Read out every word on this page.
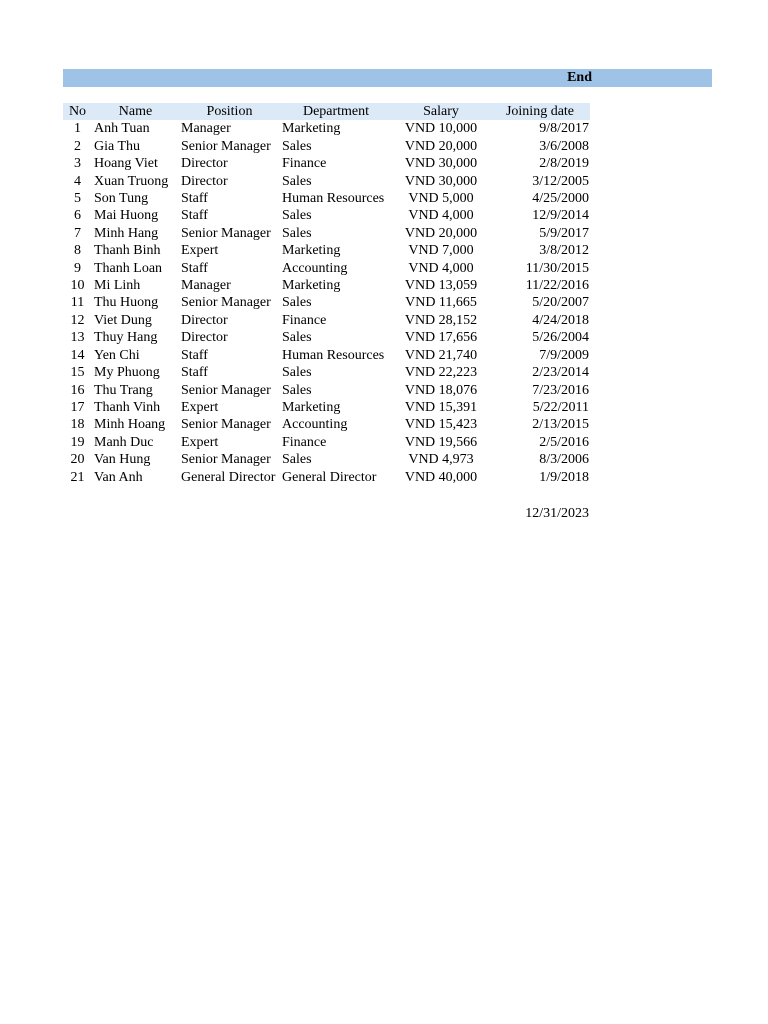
End
No	Name	Position	Department	Salary	Joining date
1	Anh Tuan	Manager	Marketing	VND 10,000	9/8/2017
2	Gia Thu	Senior Manager	Sales	VND 20,000	3/6/2008
3	Hoang Viet	Director	Finance	VND 30,000	2/8/2019
4	Xuan Truong	Director	Sales	VND 30,000	3/12/2005
5	Son Tung	Staff	Human Resources	VND 5,000	4/25/2000
6	Mai Huong	Staff	Sales	VND 4,000	12/9/2014
7	Minh Hang	Senior Manager	Sales	VND 20,000	5/9/2017
8	Thanh Binh	Expert	Marketing	VND 7,000	3/8/2012
9	Thanh Loan	Staff	Accounting	VND 4,000	11/30/2015
10	Mi Linh	Manager	Marketing	VND 13,059	11/22/2016
11	Thu Huong	Senior Manager	Sales	VND 11,665	5/20/2007
12	Viet Dung	Director	Finance	VND 28,152	4/24/2018
13	Thuy Hang	Director	Sales	VND 17,656	5/26/2004
14	Yen Chi	Staff	Human Resources	VND 21,740	7/9/2009
15	My Phuong	Staff	Sales	VND 22,223	2/23/2014
16	Thu Trang	Senior Manager	Sales	VND 18,076	7/23/2016
17	Thanh Vinh	Expert	Marketing	VND 15,391	5/22/2011
18	Minh Hoang	Senior Manager	Accounting	VND 15,423	2/13/2015
19	Manh Duc	Expert	Finance	VND 19,566	2/5/2016
20	Van Hung	Senior Manager	Sales	VND 4,973	8/3/2006
21	Van Anh	General Director	General Director	VND 40,000	1/9/2018
12/31/2023
